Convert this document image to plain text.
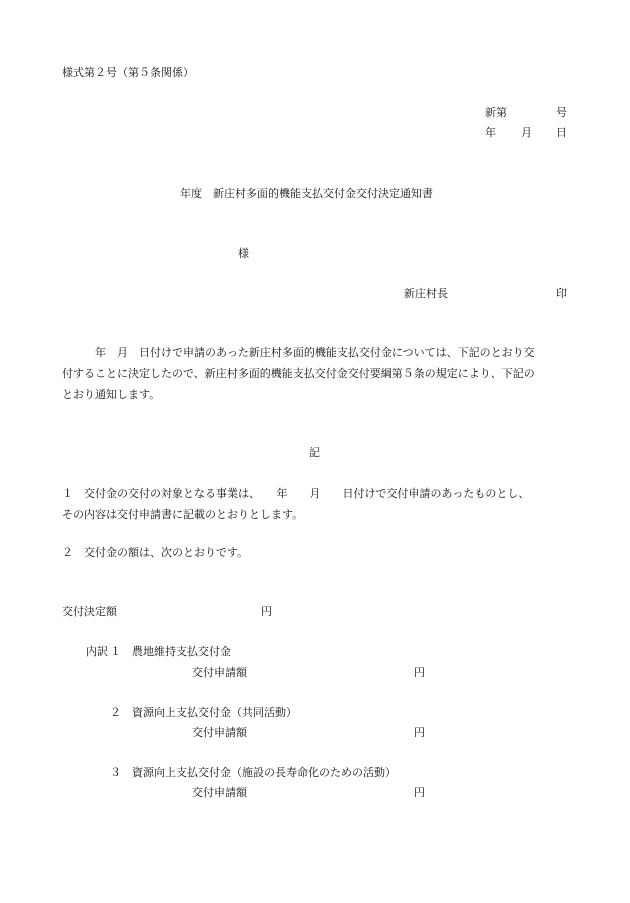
様式第２号（第５条関係）
新第	号
年 月 日
年度　新庄村多面的機能支払交付金交付決定通知書
様
新庄村長	印
　年　月　日付けで申請のあった新庄村多面的機能支払交付金については、下記のとおり交
付することに決定したので、新庄村多面的機能支払交付金交付要綱第５条の規定により、下記の
とおり通知します。
記
１　交付金の交付の対象となる事業は、　　年　　月　　日付けで交付申請のあったものとし、
その内容は交付申請書に記載のとおりとします。
２　交付金の額は、次のとおりです。
交付決定額	円
内訳 １ 農地維持支払交付金
交付申請額	円
２ 資源向上支払交付金（共同活動）
交付申請額	円
３ 資源向上支払交付金（施設の長寿命化のための活動）
交付申請額	円
